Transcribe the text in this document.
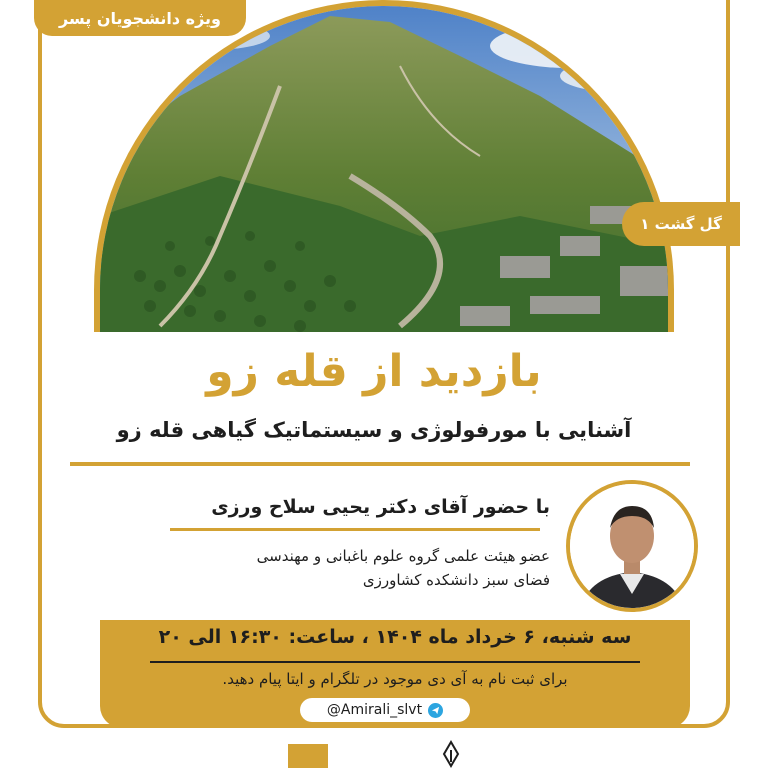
ویژه دانشجویان پسر
گل گشت ۱
بازدید از قله زو
آشنایی با مورفولوژی و سیستماتیک گیاهی قله زو
با حضور آقای دکتر یحیی سلاح ورزی
عضو هیئت علمی گروه علوم باغبانی و مهندسی
فضای سبز دانشکده کشاورزی
سه شنبه، ۶ خرداد ماه ۱۴۰۴ ، ساعت: ۱۶:۳۰ الی ۲۰
برای ثبت نام به آی دی موجود در تلگرام و ایتا پیام دهید.
@Amirali_slvt
